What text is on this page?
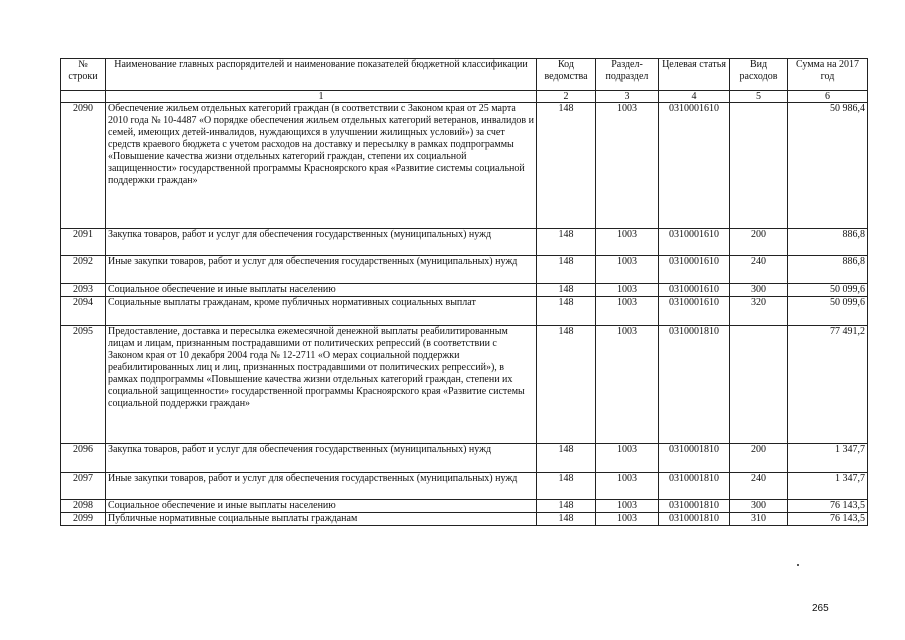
№ строки	Наименование главных распорядителей и наименование показателей бюджетной классификации	Код ведомства	Раздел-подраздел	Целевая статья	Вид расходов	Сумма на 2017 год
	1	2	3	4	5	6
2090	Обеспечение жильем отдельных категорий граждан (в соответствии с Законом края от 25 марта 2010 года № 10-4487 «О порядке обеспечения жильем отдельных категорий ветеранов, инвалидов и семей, имеющих детей-инвалидов, нуждающихся в улучшении жилищных условий») за счет средств краевого бюджета с учетом расходов на доставку и пересылку в рамках подпрограммы «Повышение качества жизни отдельных категорий граждан, степени их социальной защищенности» государственной программы Красноярского края «Развитие системы социальной поддержки граждан»	148	1003	0310001610		50 986,4
2091	Закупка товаров, работ и услуг для обеспечения государственных (муниципальных) нужд	148	1003	0310001610	200	886,8
2092	Иные закупки товаров, работ и услуг для обеспечения государственных (муниципальных) нужд	148	1003	0310001610	240	886,8
2093	Социальное обеспечение и иные выплаты населению	148	1003	0310001610	300	50 099,6
2094	Социальные выплаты гражданам, кроме публичных нормативных социальных выплат	148	1003	0310001610	320	50 099,6
2095	Предоставление, доставка и пересылка ежемесячной денежной выплаты реабилитированным лицам и лицам, признанным пострадавшими от политических репрессий (в соответствии с Законом края от 10 декабря 2004 года № 12-2711 «О мерах социальной поддержки реабилитированных лиц и лиц, признанных пострадавшими от политических репрессий»), в рамках подпрограммы «Повышение качества жизни отдельных категорий граждан, степени их социальной защищенности» государственной программы Красноярского края «Развитие системы социальной поддержки граждан»	148	1003	0310001810		77 491,2
2096	Закупка товаров, работ и услуг для обеспечения государственных (муниципальных) нужд	148	1003	0310001810	200	1 347,7
2097	Иные закупки товаров, работ и услуг для обеспечения государственных (муниципальных) нужд	148	1003	0310001810	240	1 347,7
2098	Социальное обеспечение и иные выплаты населению	148	1003	0310001810	300	76 143,5
2099	Публичные нормативные социальные выплаты гражданам	148	1003	0310001810	310	76 143,5
265
